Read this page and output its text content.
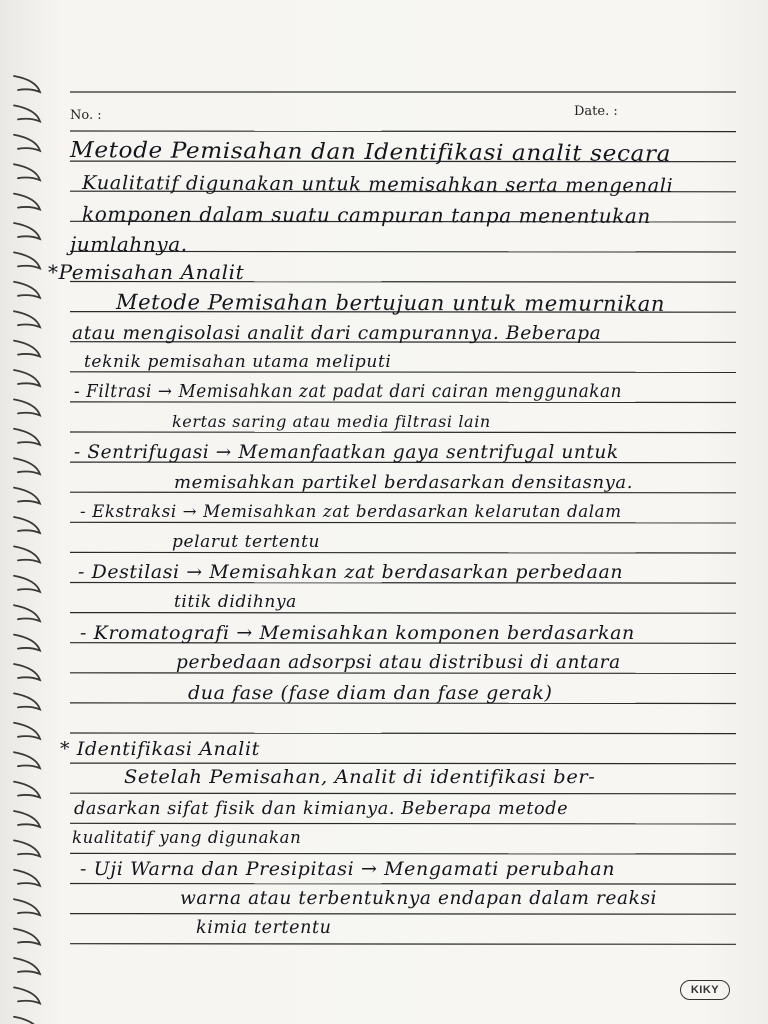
No. :	Date. :
Metode Pemisahan dan Identifikasi analit secara
Kualitatif digunakan untuk memisahkan serta mengenali
komponen dalam suatu campuran tanpa menentukan
jumlahnya.
*Pemisahan Analit
Metode Pemisahan bertujuan untuk memurnikan
atau mengisolasi analit dari campurannya. Beberapa
teknik pemisahan utama meliputi
- Filtrasi → Memisahkan zat padat dari cairan menggunakan
kertas saring atau media filtrasi lain
- Sentrifugasi → Memanfaatkan gaya sentrifugal untuk
memisahkan partikel berdasarkan densitasnya.
- Ekstraksi → Memisahkan zat berdasarkan kelarutan dalam
pelarut tertentu
- Destilasi → Memisahkan zat berdasarkan perbedaan
titik didihnya
- Kromatografi → Memisahkan komponen berdasarkan
perbedaan adsorpsi atau distribusi di antara
dua fase (fase diam dan fase gerak)
* Identifikasi Analit
Setelah Pemisahan, Analit di identifikasi ber-
dasarkan sifat fisik dan kimianya. Beberapa metode
kualitatif yang digunakan
- Uji Warna dan Presipitasi → Mengamati perubahan
warna atau terbentuknya endapan dalam reaksi
kimia tertentu
KIKY
